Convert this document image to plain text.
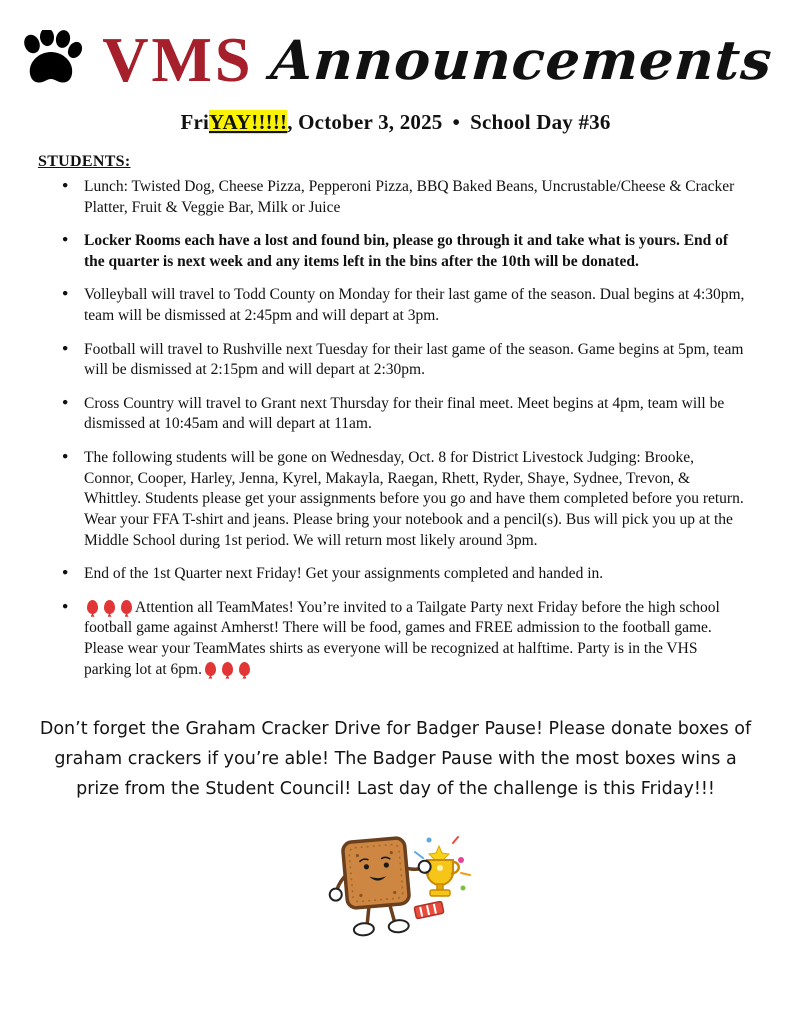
VMS Announcements
FriYAY!!!!!, October 3, 2025 • School Day #36
STUDENTS:
● Lunch: Twisted Dog, Cheese Pizza, Pepperoni Pizza, BBQ Baked Beans, Uncrustable/Cheese & Cracker Platter, Fruit & Veggie Bar, Milk or Juice
● Locker Rooms each have a lost and found bin, please go through it and take what is yours. End of the quarter is next week and any items left in the bins after the 10th will be donated.
● Volleyball will travel to Todd County on Monday for their last game of the season. Dual begins at 4:30pm, team will be dismissed at 2:45pm and will depart at 3pm.
● Football will travel to Rushville next Tuesday for their last game of the season. Game begins at 5pm, team will be dismissed at 2:15pm and will depart at 2:30pm.
● Cross Country will travel to Grant next Thursday for their final meet. Meet begins at 4pm, team will be dismissed at 10:45am and will depart at 11am.
● The following students will be gone on Wednesday, Oct. 8 for District Livestock Judging: Brooke, Connor, Cooper, Harley, Jenna, Kyrel, Makayla, Raegan, Rhett, Ryder, Shaye, Sydnee, Trevon, & Whittley. Students please get your assignments before you go and have them completed before you return. Wear your FFA T-shirt and jeans. Please bring your notebook and a pencil(s). Bus will pick you up at the Middle School during 1st period. We will return most likely around 3pm.
● End of the 1st Quarter next Friday! Get your assignments completed and handed in.
● Attention all TeamMates! You’re invited to a Tailgate Party next Friday before the high school football game against Amherst! There will be food, games and FREE admission to the football game. Please wear your TeamMates shirts as everyone will be recognized at halftime. Party is in the VHS parking lot at 6pm.

Don’t forget the Graham Cracker Drive for Badger Pause! Please donate boxes of graham crackers if you’re able! The Badger Pause with the most boxes wins a prize from the Student Council! Last day of the challenge is this Friday!!!
